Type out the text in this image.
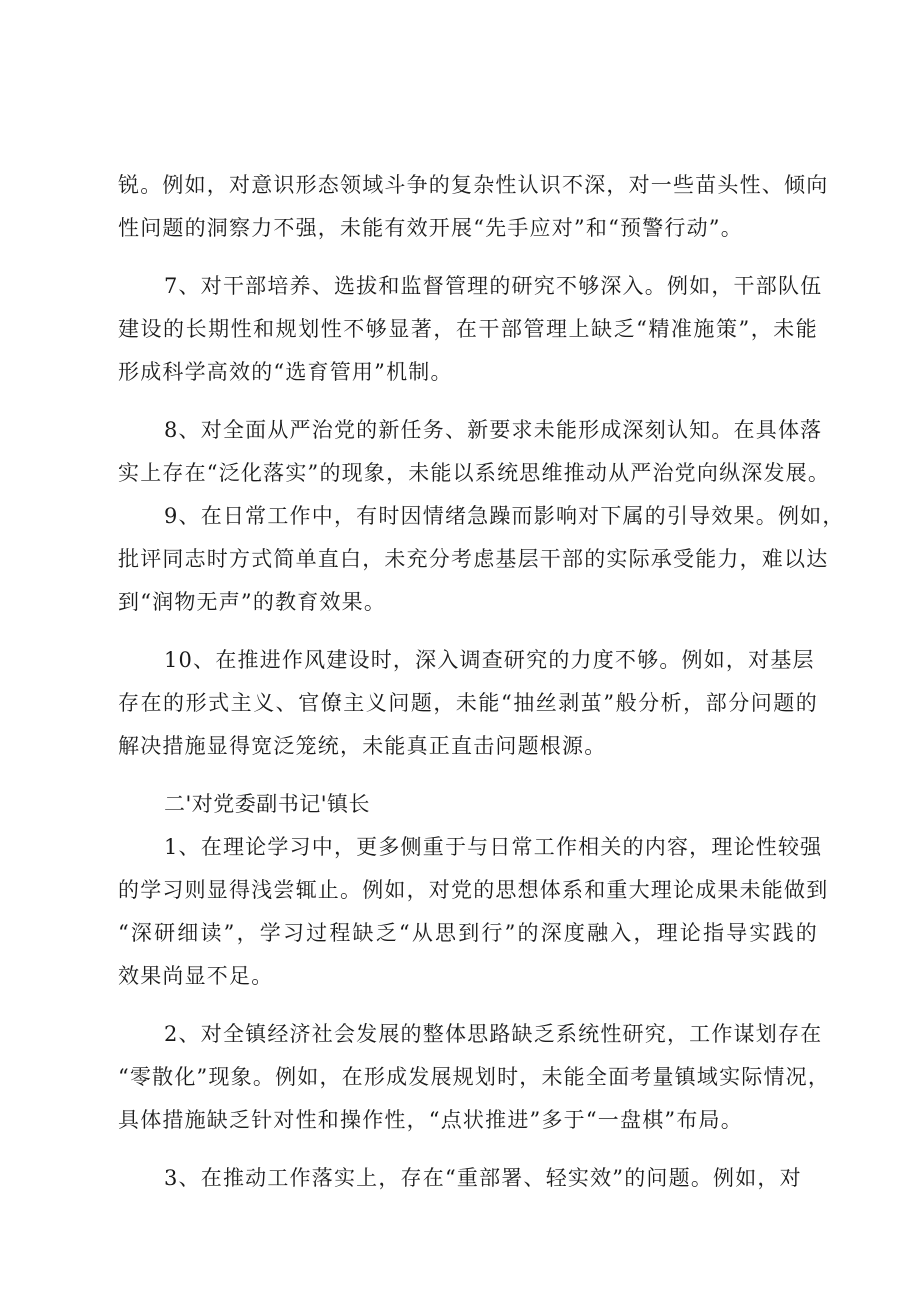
锐。例如，对意识形态领域斗争的复杂性认识不深，对一些苗头性、倾向
性问题的洞察力不强，未能有效开展“先手应对”和“预警行动”。
7、对干部培养、选拔和监督管理的研究不够深入。例如，干部队伍
建设的长期性和规划性不够显著，在干部管理上缺乏“精准施策”，未能
形成科学高效的“选育管用”机制。
8、对全面从严治党的新任务、新要求未能形成深刻认知。在具体落
实上存在“泛化落实”的现象，未能以系统思维推动从严治党向纵深发展。
9、在日常工作中，有时因情绪急躁而影响对下属的引导效果。例如，
批评同志时方式简单直白，未充分考虑基层干部的实际承受能力，难以达
到“润物无声”的教育效果。
10、在推进作风建设时，深入调查研究的力度不够。例如，对基层
存在的形式主义、官僚主义问题，未能“抽丝剥茧”般分析，部分问题的
解决措施显得宽泛笼统，未能真正直击问题根源。
二'对党委副书记'镇长
1、在理论学习中，更多侧重于与日常工作相关的内容，理论性较强
的学习则显得浅尝辄止。例如，对党的思想体系和重大理论成果未能做到
“深研细读”，学习过程缺乏“从思到行”的深度融入，理论指导实践的
效果尚显不足。
2、对全镇经济社会发展的整体思路缺乏系统性研究，工作谋划存在
“零散化”现象。例如，在形成发展规划时，未能全面考量镇域实际情况，
具体措施缺乏针对性和操作性，“点状推进”多于“一盘棋”布局。
3、在推动工作落实上，存在“重部署、轻实效”的问题。例如，对
